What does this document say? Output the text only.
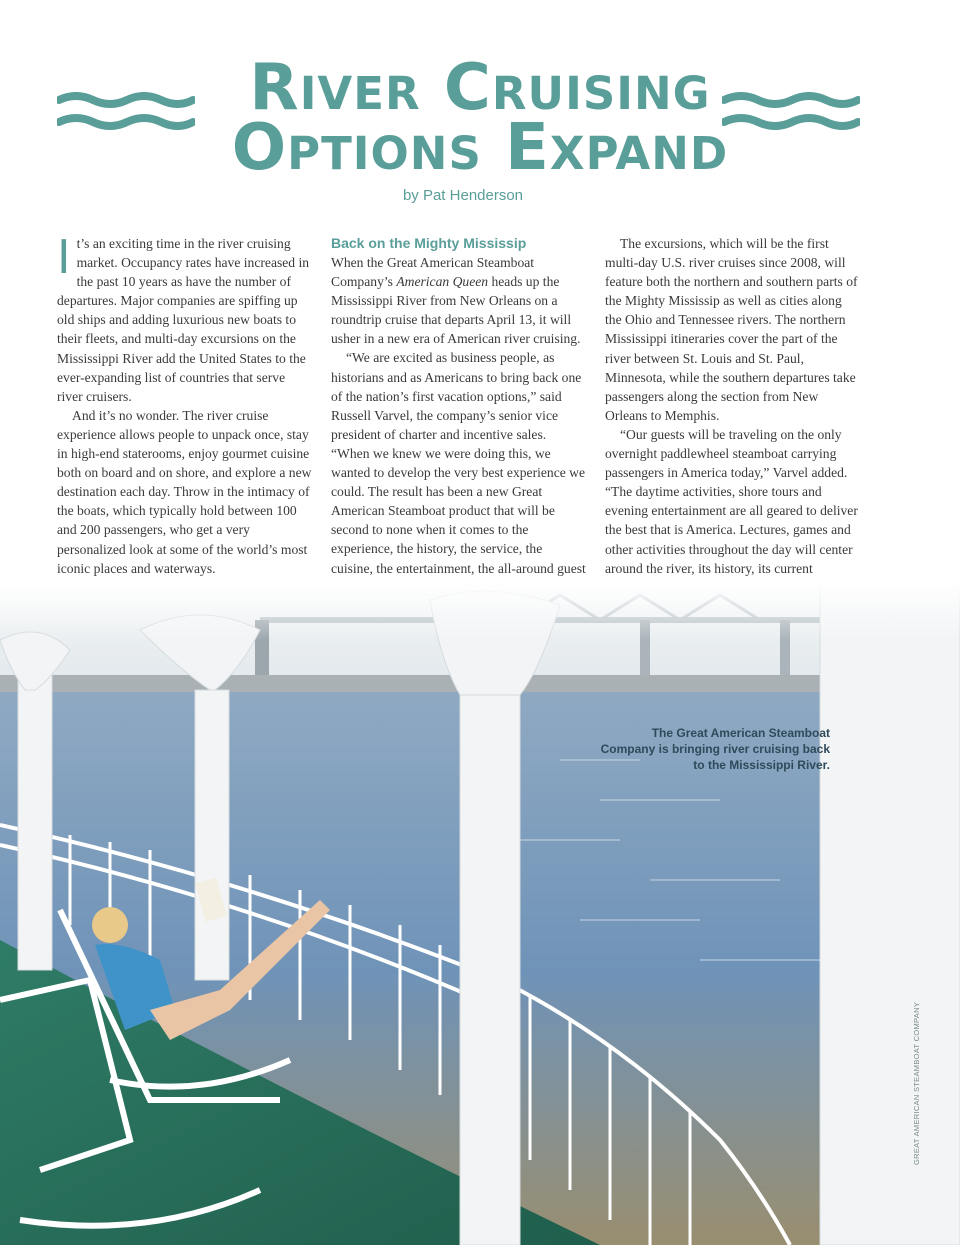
River Cruising
Options Expand
by Pat Henderson

It’s an exciting time in the river cruising market. Occupancy rates have increased in the past 10 years as have the number of departures. Major companies are spiffing up old ships and adding luxurious new boats to their fleets, and multi-day excursions on the Mississippi River add the United States to the ever-expanding list of countries that serve river cruisers.

And it’s no wonder. The river cruise experience allows people to unpack once, stay in high-end staterooms, enjoy gourmet cuisine both on board and on shore, and explore a new destination each day. Throw in the intimacy of the boats, which typically hold between 100 and 200 passengers, who get a very personalized look at some of the world’s most iconic places and waterways.

Back on the Mighty Mississip

When the Great American Steamboat Company’s American Queen heads up the Mississippi River from New Orleans on a roundtrip cruise that departs April 13, it will usher in a new era of American river cruising.

“We are excited as business people, as historians and as Americans to bring back one of the nation’s first vacation options,” said Russell Varvel, the company’s senior vice president of charter and incentive sales. “When we knew we were doing this, we wanted to develop the very best experience we could. The result has been a new Great American Steamboat product that will be second to none when it comes to the experience, the history, the service, the cuisine, the entertainment, the all-around guest

The excursions, which will be the first multi-day U.S. river cruises since 2008, will feature both the northern and southern parts of the Mighty Mississip as well as cities along the Ohio and Tennessee rivers. The northern Mississippi itineraries cover the part of the river between St. Louis and St. Paul, Minnesota, while the southern departures take passengers along the section from New Orleans to Memphis.

“Our guests will be traveling on the only overnight paddlewheel steamboat carrying passengers in America today,” Varvel added. “The daytime activities, shore tours and evening entertainment are all geared to deliver the best that is America. Lectures, games and other activities throughout the day will center around the river, its history, its current

The Great American Steamboat Company is bringing river cruising back to the Mississippi River.
GREAT AMERICAN STEAMBOAT COMPANY
